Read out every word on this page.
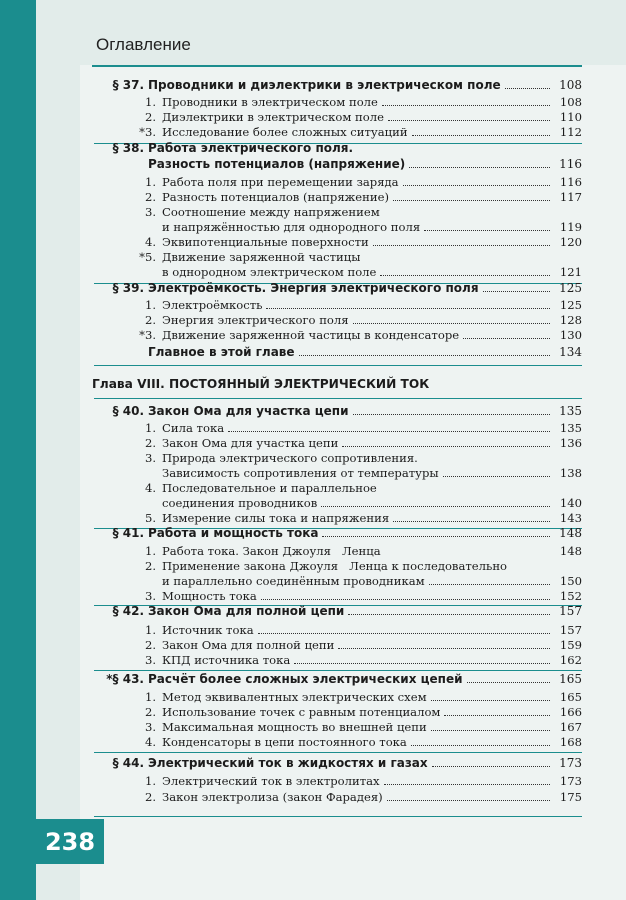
Оглавление
238
§ 37. Проводники и диэлектрики в электрическом поле	108
1. Проводники в электрическом поле	108
2. Диэлектрики в электрическом поле	110
*3. Исследование более сложных ситуаций	112
§ 38. Работа электрического поля.
Разность потенциалов (напряжение)	116
1. Работа поля при перемещении заряда	116
2. Разность потенциалов (напряжение)	117
3. Соотношение между напряжением
и напряжённостью для однородного поля	119
4. Эквипотенциальные поверхности	120
*5. Движение заряженной частицы
в однородном электрическом поле	121
§ 39. Электроёмкость. Энергия электрического поля	125
1. Электроёмкость	125
2. Энергия электрического поля	128
*3. Движение заряженной частицы в конденсаторе	130
Главное в этой главе	134
Глава VIII. ПОСТОЯННЫЙ ЭЛЕКТРИЧЕСКИЙ ТОК
§ 40. Закон Ома для участка цепи	135
1. Сила тока	135
2. Закон Ома для участка цепи	136
3. Природа электрического сопротивления.
Зависимость сопротивления от температуры	138
4. Последовательное и параллельное
соединения проводников	140
5. Измерение силы тока и напряжения	143
§ 41. Работа и мощность тока	148
1. Работа тока. Закон Джоуля   Ленца	148
2. Применение закона Джоуля   Ленца к последовательно
и параллельно соединённым проводникам	150
3. Мощность тока	152
§ 42. Закон Ома для полной цепи	157
1. Источник тока	157
2. Закон Ома для полной цепи	159
3. КПД источника тока	162
*§ 43. Расчёт более сложных электрических цепей	165
1. Метод эквивалентных электрических схем	165
2. Использование точек с равным потенциалом	166
3. Максимальная мощность во внешней цепи	167
4. Конденсаторы в цепи постоянного тока	168
§ 44. Электрический ток в жидкостях и газах	173
1. Электрический ток в электролитах	173
2. Закон электролиза (закон Фарадея)	175
